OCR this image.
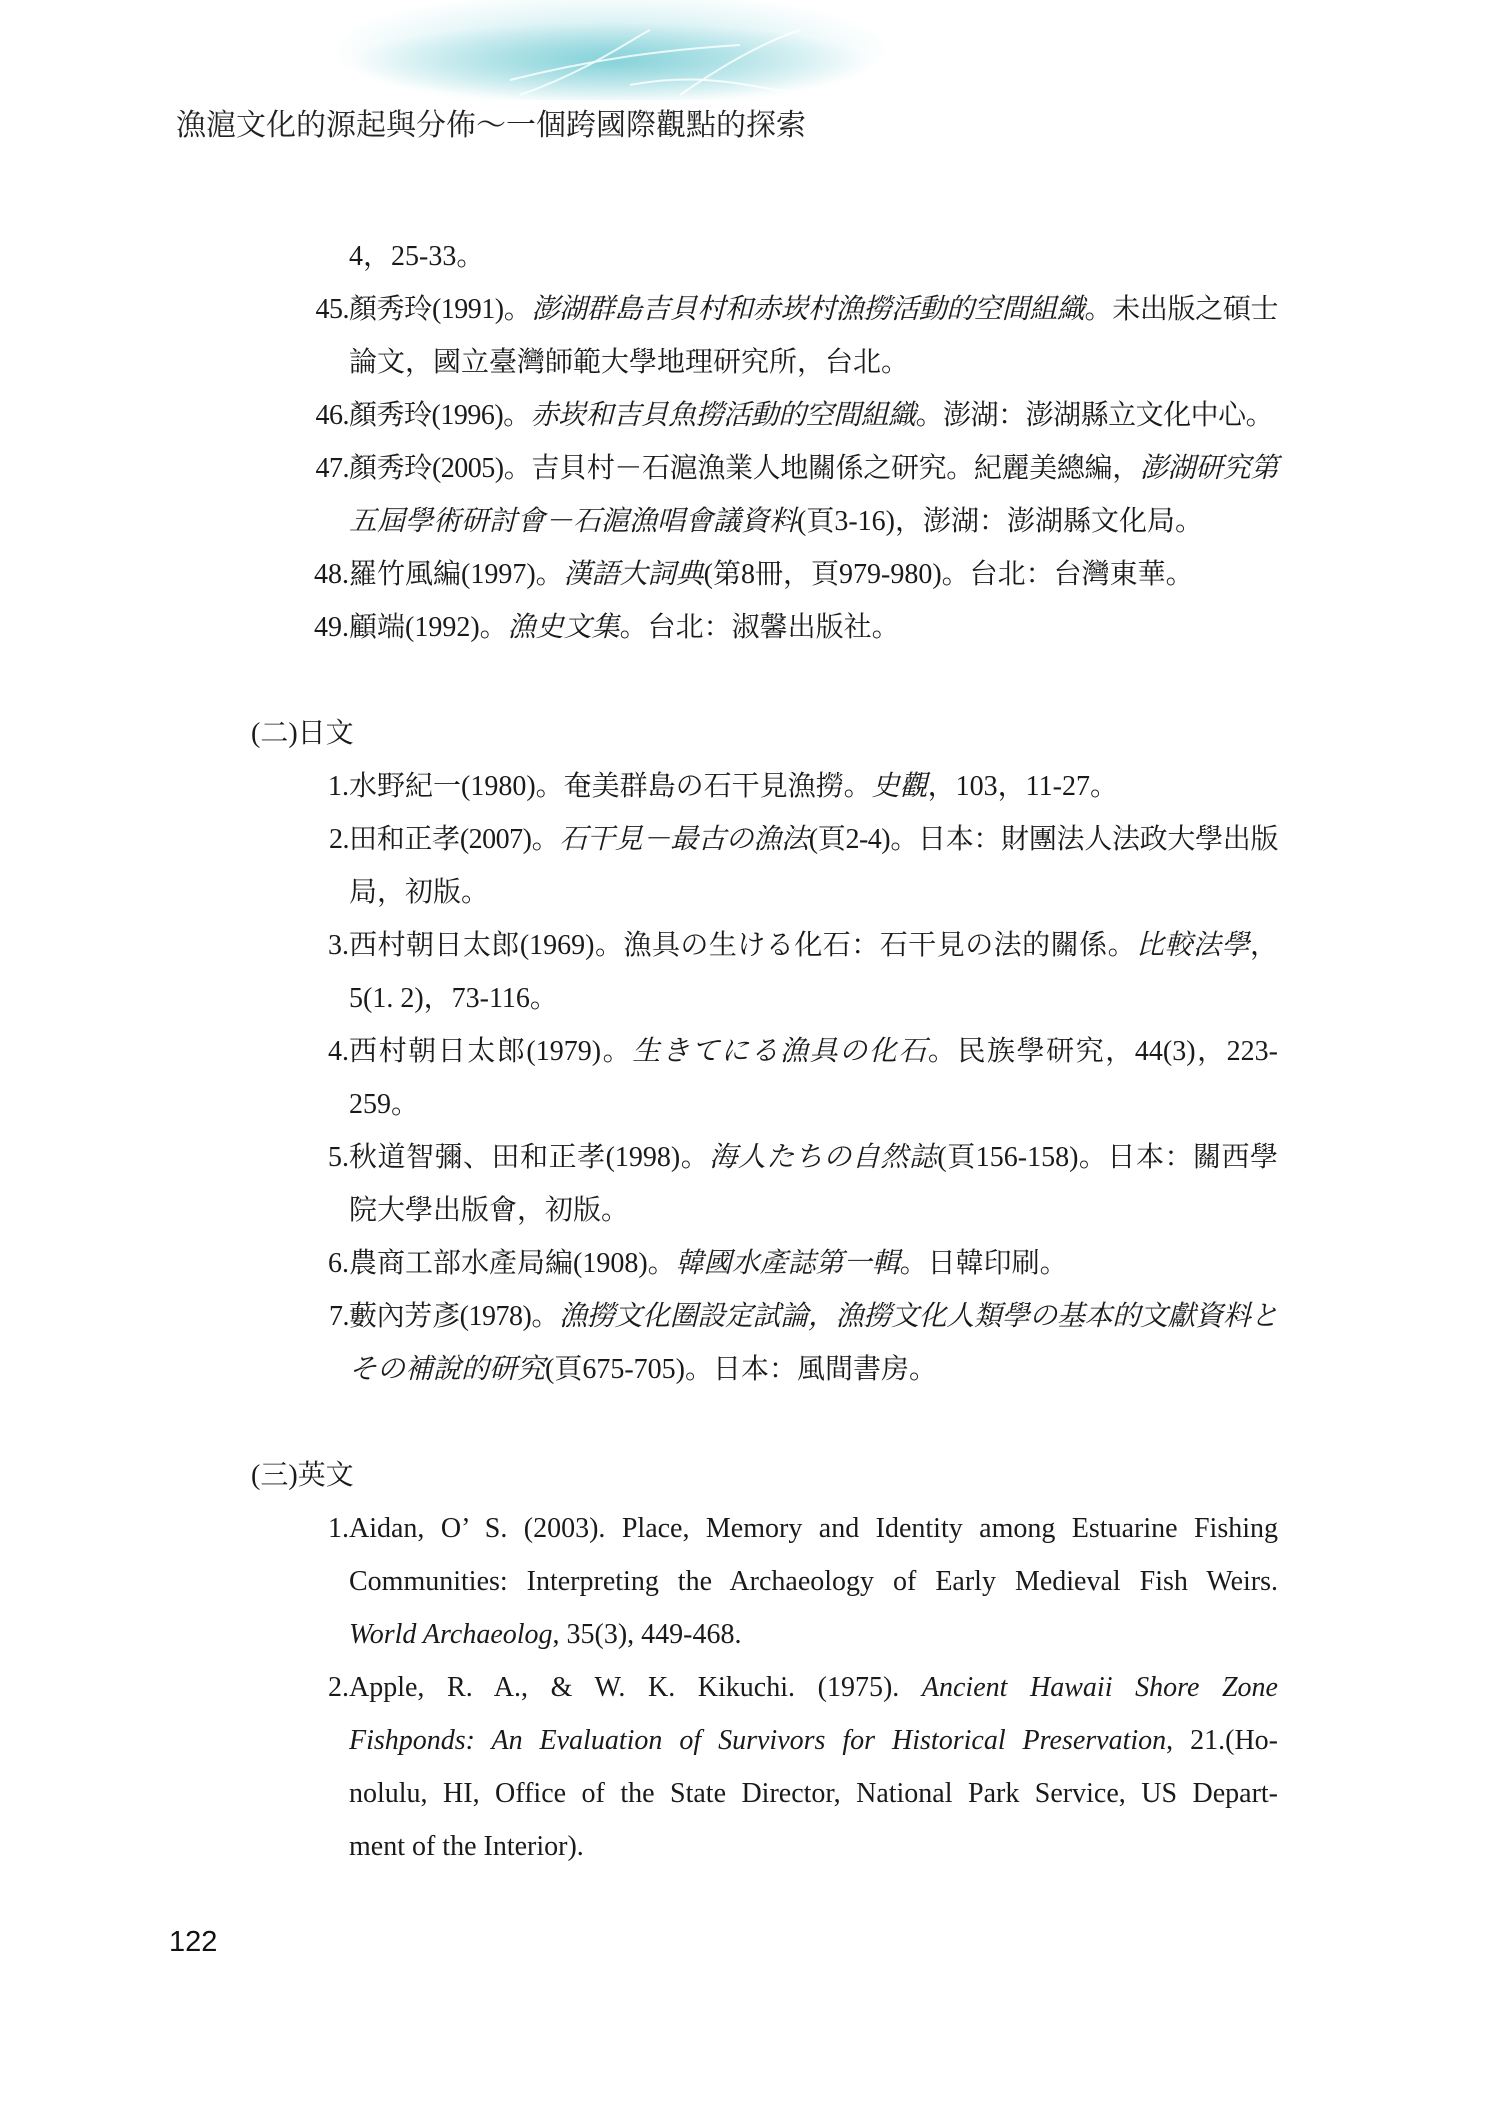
漁滬文化的源起與分佈～一個跨國際觀點的探索
4，25-33。
45. 顏秀玲(1991)。澎湖群島吉貝村和赤崁村漁撈活動的空間組織。未出版之碩士
論文，國立臺灣師範大學地理研究所，台北。
46. 顏秀玲(1996)。赤崁和吉貝魚撈活動的空間組織。澎湖：澎湖縣立文化中心。
47. 顏秀玲(2005)。吉貝村－石滬漁業人地關係之研究。紀麗美總編，澎湖研究第
五屆學術研討會－石滬漁唱會議資料(頁3-16)，澎湖：澎湖縣文化局。
48. 羅竹風編(1997)。漢語大詞典(第8冊，頁979-980)。台北：台灣東華。
49. 顧端(1992)。漁史文集。台北：淑馨出版社。
(二)日文
1. 水野紀一(1980)。奄美群島の石干見漁撈。史觀，103，11-27。
2. 田和正孝(2007)。石干見－最古の漁法(頁2-4)。日本：財團法人法政大學出版
局，初版。
3. 西村朝日太郎(1969)。漁具の生ける化石：石干見の法的關係。比較法學，
5(1. 2)，73-116。
4. 西村朝日太郎(1979)。生きてにる漁具の化石。民族學研究，44(3)，223-
259。
5. 秋道智彌、田和正孝(1998)。海人たちの自然誌(頁156-158)。日本：關西學
院大學出版會，初版。
6. 農商工部水產局編(1908)。韓國水產誌第一輯。日韓印刷。
7. 藪內芳彥(1978)。漁撈文化圈設定試論，漁撈文化人類學の基本的文獻資料と
その補說的研究(頁675-705)。日本：風間書房。
(三)英文
1. Aidan, O’ S. (2003). Place, Memory and Identity among Estuarine Fishing
Communities: Interpreting the Archaeology of Early Medieval Fish Weirs.
World Archaeolog, 35(3), 449-468.
2. Apple, R. A., & W. K. Kikuchi. (1975). Ancient Hawaii Shore Zone
Fishponds: An Evaluation of Survivors for Historical Preservation, 21.(Ho-
nolulu, HI, Office of the State Director, National Park Service, US Depart-
ment of the Interior).
122
